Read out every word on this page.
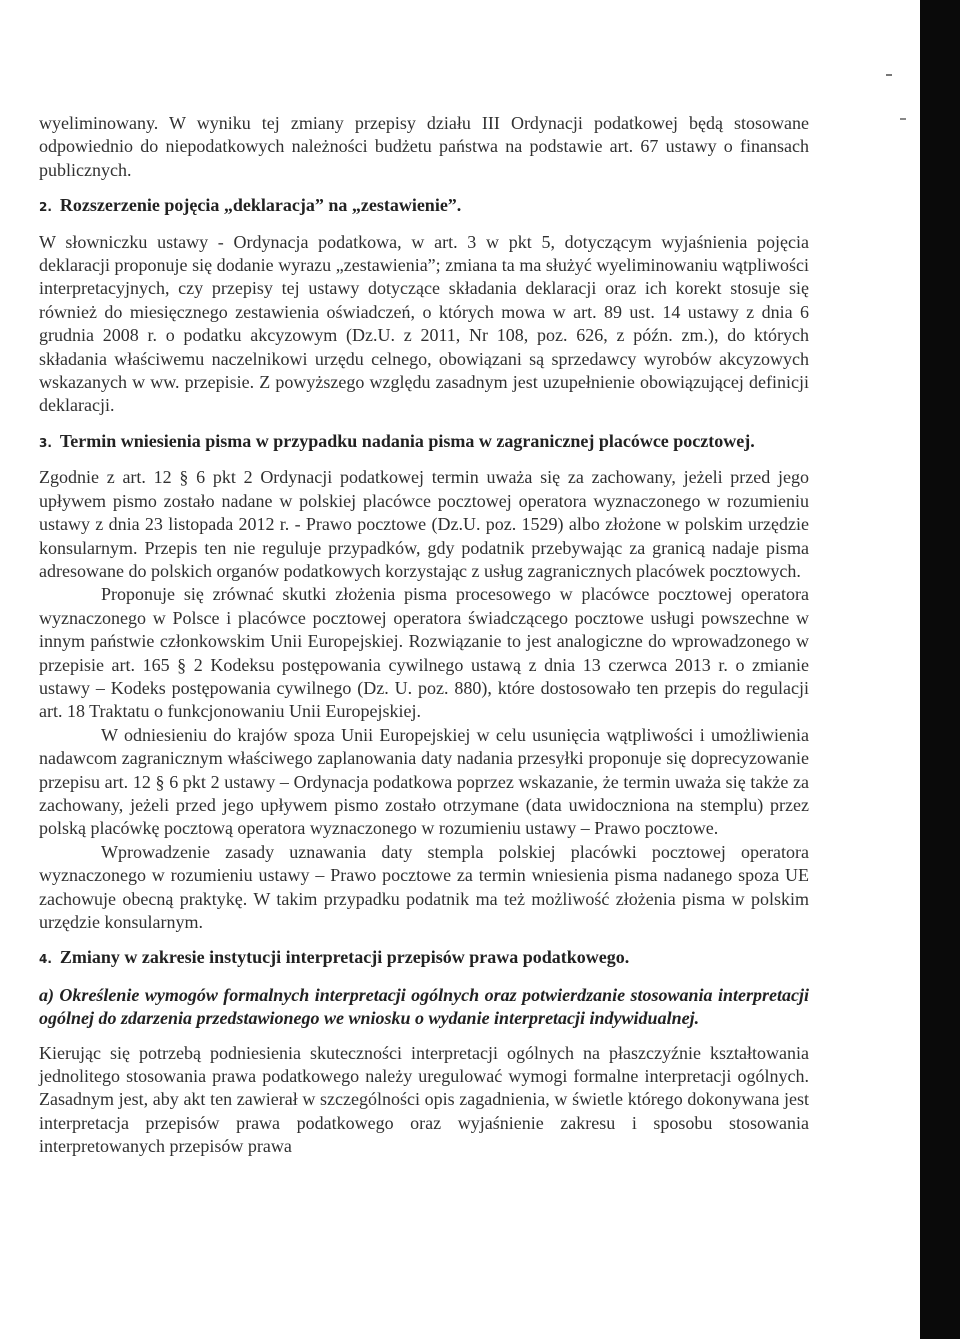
wyeliminowany. W wyniku tej zmiany przepisy działu III Ordynacji podatkowej będą stosowane odpowiednio do niepodatkowych należności budżetu państwa na podstawie art. 67 ustawy o finansach publicznych.

2. Rozszerzenie pojęcia „deklaracja” na „zestawienie”.

W słowniczku ustawy - Ordynacja podatkowa, w art. 3 w pkt 5, dotyczącym wyjaśnienia pojęcia deklaracji proponuje się dodanie wyrazu „zestawienia”; zmiana ta ma służyć wyeliminowaniu wątpliwości interpretacyjnych, czy przepisy tej ustawy dotyczące składania deklaracji oraz ich korekt stosuje się również do miesięcznego zestawienia oświadczeń, o których mowa w art. 89 ust. 14 ustawy z dnia 6 grudnia 2008 r. o podatku akcyzowym (Dz.U. z 2011, Nr 108, poz. 626, z późn. zm.), do których składania właściwemu naczelnikowi urzędu celnego, obowiązani są sprzedawcy wyrobów akcyzowych wskazanych w ww. przepisie. Z powyższego względu zasadnym jest uzupełnienie obowiązującej definicji deklaracji.

3. Termin wniesienia pisma w przypadku nadania pisma w zagranicznej placówce pocztowej.

Zgodnie z art. 12 § 6 pkt 2 Ordynacji podatkowej termin uważa się za zachowany, jeżeli przed jego upływem pismo zostało nadane w polskiej placówce pocztowej operatora wyznaczonego w rozumieniu ustawy z dnia 23 listopada 2012 r. - Prawo pocztowe (Dz.U. poz. 1529) albo złożone w polskim urzędzie konsularnym. Przepis ten nie reguluje przypadków, gdy podatnik przebywając za granicą nadaje pisma adresowane do polskich organów podatkowych korzystając z usług zagranicznych placówek pocztowych.

Proponuje się zrównać skutki złożenia pisma procesowego w placówce pocztowej operatora wyznaczonego w Polsce i placówce pocztowej operatora świadczącego pocztowe usługi powszechne w innym państwie członkowskim Unii Europejskiej. Rozwiązanie to jest analogiczne do wprowadzonego w przepisie art. 165 § 2 Kodeksu postępowania cywilnego ustawą z dnia 13 czerwca 2013 r. o zmianie ustawy – Kodeks postępowania cywilnego (Dz. U. poz. 880), które dostosowało ten przepis do regulacji art. 18 Traktatu o funkcjonowaniu Unii Europejskiej.

W odniesieniu do krajów spoza Unii Europejskiej w celu usunięcia wątpliwości i umożliwienia nadawcom zagranicznym właściwego zaplanowania daty nadania przesyłki proponuje się doprecyzowanie przepisu art. 12 § 6 pkt 2 ustawy – Ordynacja podatkowa poprzez wskazanie, że termin uważa się także za zachowany, jeżeli przed jego upływem pismo zostało otrzymane (data uwidoczniona na stemplu) przez polską placówkę pocztową operatora wyznaczonego w rozumieniu ustawy – Prawo pocztowe.

Wprowadzenie zasady uznawania daty stempla polskiej placówki pocztowej operatora wyznaczonego w rozumieniu ustawy – Prawo pocztowe za termin wniesienia pisma nadanego spoza UE zachowuje obecną praktykę. W takim przypadku podatnik ma też możliwość złożenia pisma w polskim urzędzie konsularnym.

4. Zmiany w zakresie instytucji interpretacji przepisów prawa podatkowego.

a) Określenie wymogów formalnych interpretacji ogólnych oraz potwierdzanie stosowania interpretacji ogólnej do zdarzenia przedstawionego we wniosku o wydanie interpretacji indywidualnej.

Kierując się potrzebą podniesienia skuteczności interpretacji ogólnych na płaszczyźnie kształtowania jednolitego stosowania prawa podatkowego należy uregulować wymogi formalne interpretacji ogólnych. Zasadnym jest, aby akt ten zawierał w szczególności opis zagadnienia, w świetle którego dokonywana jest interpretacja przepisów prawa podatkowego oraz wyjaśnienie zakresu i sposobu stosowania interpretowanych przepisów prawa
